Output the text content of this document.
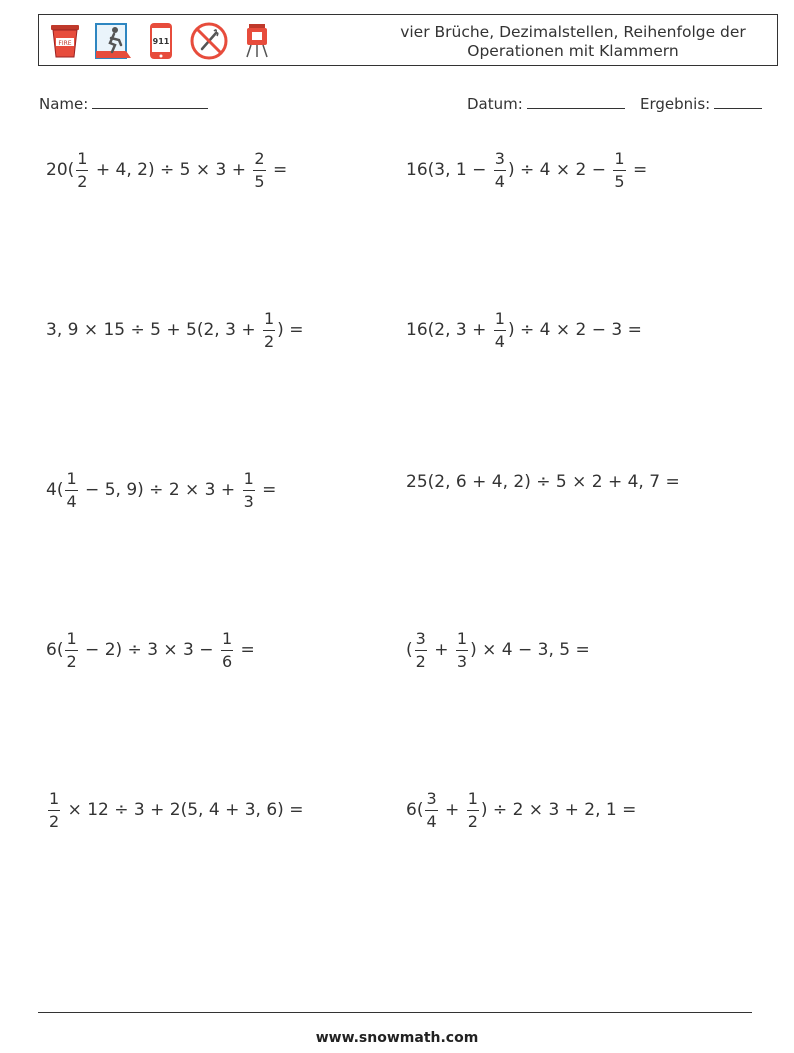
FIRE	911
vier Brüche, Dezimalstellen, Reihenfolge der Operationen mit Klammern
Name:	Datum:	Ergebnis:
$20( \frac{1}{2} + 4$, $2) \div 5 \times 3 + \frac{2}{5}$ =	16(3, $1 - \frac{3}{4}$ ) ÷ $4 \times 2 - \frac{1}{5}$ =
3, 9 × 15 ÷ 5 + 5(2, $3 + \frac{1}{2}$ ) =	16(2, $3 + \frac{1}{4}$ ) ÷ 4 × 2 − 3 =
$4( \frac{1}{4} - 5$, $9) \div 2 \times 3 + \frac{1}{3}$ =	25(2, 6 + 4, 2) ÷ 5 × 2 + 4, 7 =
$6( \frac{1}{2} - 2) \div 3 \times 3 - \frac{1}{6}$ =	( $\frac{3}{2} + \frac{1}{3}$ ) × 4 − 3, 5 =
$\frac{1}{2} \times 12 \div 3 + 2(5$, 4 + 3, 6) =	$6( \frac{3}{4} + \frac{1}{2}$ ) ÷ 2 × 3 + 2, 1 =
www.snowmath.com
